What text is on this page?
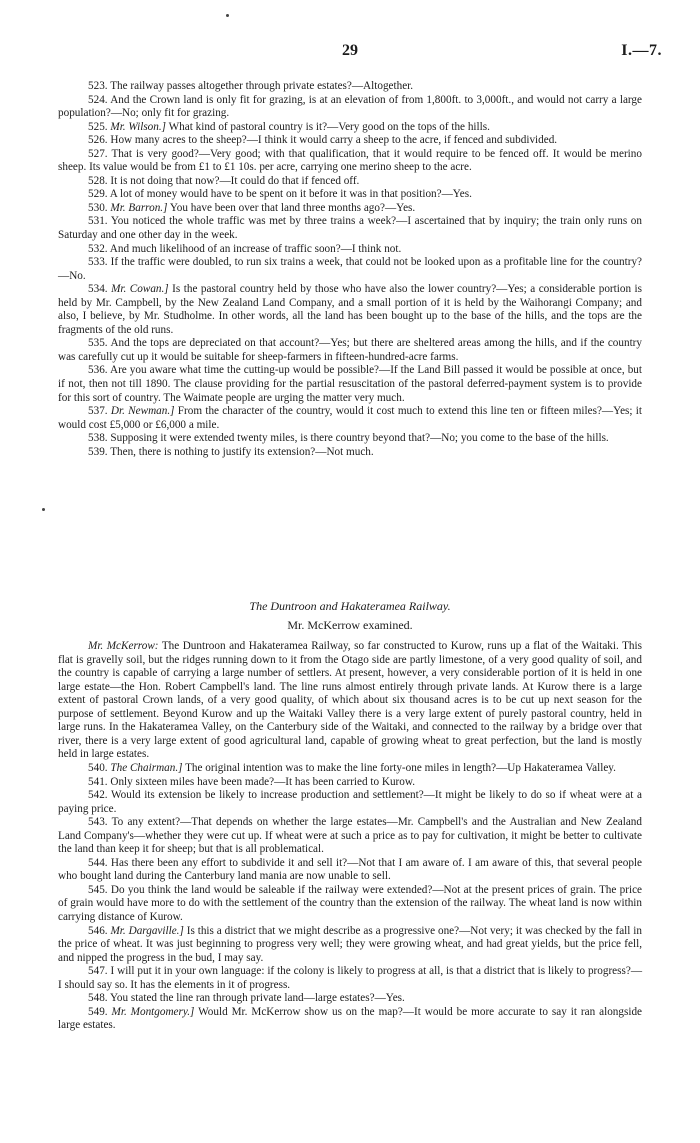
29	I.—7.

523. The railway passes altogether through private estates?—Altogether.

524. And the Crown land is only fit for grazing, is at an elevation of from 1,800ft. to 3,000ft., and would not carry a large population?—No; only fit for grazing.

525. Mr. Wilson.] What kind of pastoral country is it?—Very good on the tops of the hills.

526. How many acres to the sheep?—I think it would carry a sheep to the acre, if fenced and subdivided.

527. That is very good?—Very good; with that qualification, that it would require to be fenced off. It would be merino sheep. Its value would be from £1 to £1 10s. per acre, carrying one merino sheep to the acre.

528. It is not doing that now?—It could do that if fenced off.

529. A lot of money would have to be spent on it before it was in that position?—Yes.

530. Mr. Barron.] You have been over that land three months ago?—Yes.

531. You noticed the whole traffic was met by three trains a week?—I ascertained that by inquiry; the train only runs on Saturday and one other day in the week.

532. And much likelihood of an increase of traffic soon?—I think not.

533. If the traffic were doubled, to run six trains a week, that could not be looked upon as a profitable line for the country?—No.

534. Mr. Cowan.] Is the pastoral country held by those who have also the lower country?—Yes; a considerable portion is held by Mr. Campbell, by the New Zealand Land Company, and a small portion of it is held by the Waihorangi Company; and also, I believe, by Mr. Studholme. In other words, all the land has been bought up to the base of the hills, and the tops are the fragments of the old runs.

535. And the tops are depreciated on that account?—Yes; but there are sheltered areas among the hills, and if the country was carefully cut up it would be suitable for sheep-farmers in fifteen-hundred-acre farms.

536. Are you aware what time the cutting-up would be possible?—If the Land Bill passed it would be possible at once, but if not, then not till 1890. The clause providing for the partial resuscitation of the pastoral deferred-payment system is to provide for this sort of country. The Waimate people are urging the matter very much.

537. Dr. Newman.] From the character of the country, would it cost much to extend this line ten or fifteen miles?—Yes; it would cost £5,000 or £6,000 a mile.

538. Supposing it were extended twenty miles, is there country beyond that?—No; you come to the base of the hills.

539. Then, there is nothing to justify its extension?—Not much.

The Duntroon and Hakateramea Railway.

Mr. McKerrow examined.

Mr. McKerrow: The Duntroon and Hakateramea Railway, so far constructed to Kurow, runs up a flat of the Waitaki. This flat is gravelly soil, but the ridges running down to it from the Otago side are partly limestone, of a very good quality of soil, and the country is capable of carrying a large number of settlers. At present, however, a very considerable portion of it is held in one large estate—the Hon. Robert Campbell's land. The line runs almost entirely through private lands. At Kurow there is a large extent of pastoral Crown lands, of a very good quality, of which about six thousand acres is to be cut up next season for the purpose of settlement. Beyond Kurow and up the Waitaki Valley there is a very large extent of purely pastoral country, held in large runs. In the Hakateramea Valley, on the Canterbury side of the Waitaki, and connected to the railway by a bridge over that river, there is a very large extent of good agricultural land, capable of growing wheat to great perfection, but the land is mostly held in large estates.

540. The Chairman.] The original intention was to make the line forty-one miles in length?—Up Hakateramea Valley.

541. Only sixteen miles have been made?—It has been carried to Kurow.

542. Would its extension be likely to increase production and settlement?—It might be likely to do so if wheat were at a paying price.

543. To any extent?—That depends on whether the large estates—Mr. Campbell's and the Australian and New Zealand Land Company's—whether they were cut up. If wheat were at such a price as to pay for cultivation, it might be better to cultivate the land than keep it for sheep; but that is all problematical.

544. Has there been any effort to subdivide it and sell it?—Not that I am aware of. I am aware of this, that several people who bought land during the Canterbury land mania are now unable to sell.

545. Do you think the land would be saleable if the railway were extended?—Not at the present prices of grain. The price of grain would have more to do with the settlement of the country than the extension of the railway. The wheat land is now within carrying distance of Kurow.

546. Mr. Dargaville.] Is this a district that we might describe as a progressive one?—Not very; it was checked by the fall in the price of wheat. It was just beginning to progress very well; they were growing wheat, and had great yields, but the price fell, and nipped the progress in the bud, I may say.

547. I will put it in your own language: if the colony is likely to progress at all, is that a district that is likely to progress?—I should say so. It has the elements in it of progress.

548. You stated the line ran through private land—large estates?—Yes.

549. Mr. Montgomery.] Would Mr. McKerrow show us on the map?—It would be more accurate to say it ran alongside large estates.
